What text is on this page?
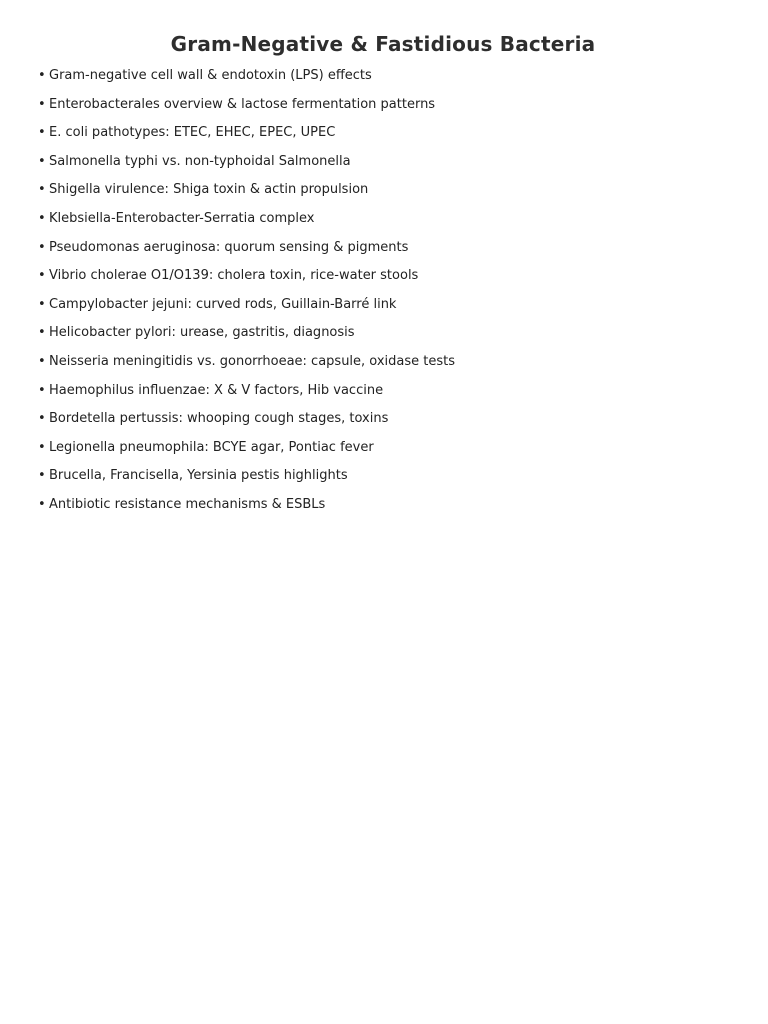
Gram-Negative & Fastidious Bacteria
• Gram-negative cell wall & endotoxin (LPS) effects
• Enterobacterales overview & lactose fermentation patterns
• E. coli pathotypes: ETEC, EHEC, EPEC, UPEC
• Salmonella typhi vs. non-typhoidal Salmonella
• Shigella virulence: Shiga toxin & actin propulsion
• Klebsiella-Enterobacter-Serratia complex
• Pseudomonas aeruginosa: quorum sensing & pigments
• Vibrio cholerae O1/O139: cholera toxin, rice-water stools
• Campylobacter jejuni: curved rods, Guillain-Barré link
• Helicobacter pylori: urease, gastritis, diagnosis
• Neisseria meningitidis vs. gonorrhoeae: capsule, oxidase tests
• Haemophilus influenzae: X & V factors, Hib vaccine
• Bordetella pertussis: whooping cough stages, toxins
• Legionella pneumophila: BCYE agar, Pontiac fever
• Brucella, Francisella, Yersinia pestis highlights
• Antibiotic resistance mechanisms & ESBLs
